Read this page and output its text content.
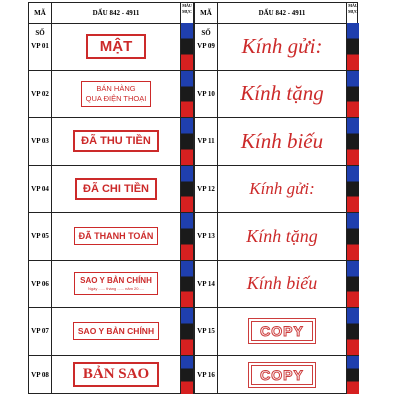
MÃ SỐ
DẤU 842 - 4911
MÀU MỰC
VP 01	MẬT
VP 02
BÁN HÀNG
QUA ĐIỆN THOẠI
VP 03	ĐÃ THU TIỀN
VP 04	ĐÃ CHI TIỀN
VP 05	ĐÃ THANH TOÁN
VP 06	SAO Y BẢN CHÍNH
Ngày ...... tháng ...... năm 20.....
VP 07	SAO Y BẢN CHÍNH
VP 08	BẢN SAO
MÃ SỐ
DẤU 842 - 4911
MÀU MỰC
VP 09 Kính gửi:
VP 10 Kính tặng
VP 11 Kính biếu
VP 12 Kính gửi:
VP 13 Kính tặng
VP 14 Kính biếu
VP 15	COPY
VP 16	COPY
